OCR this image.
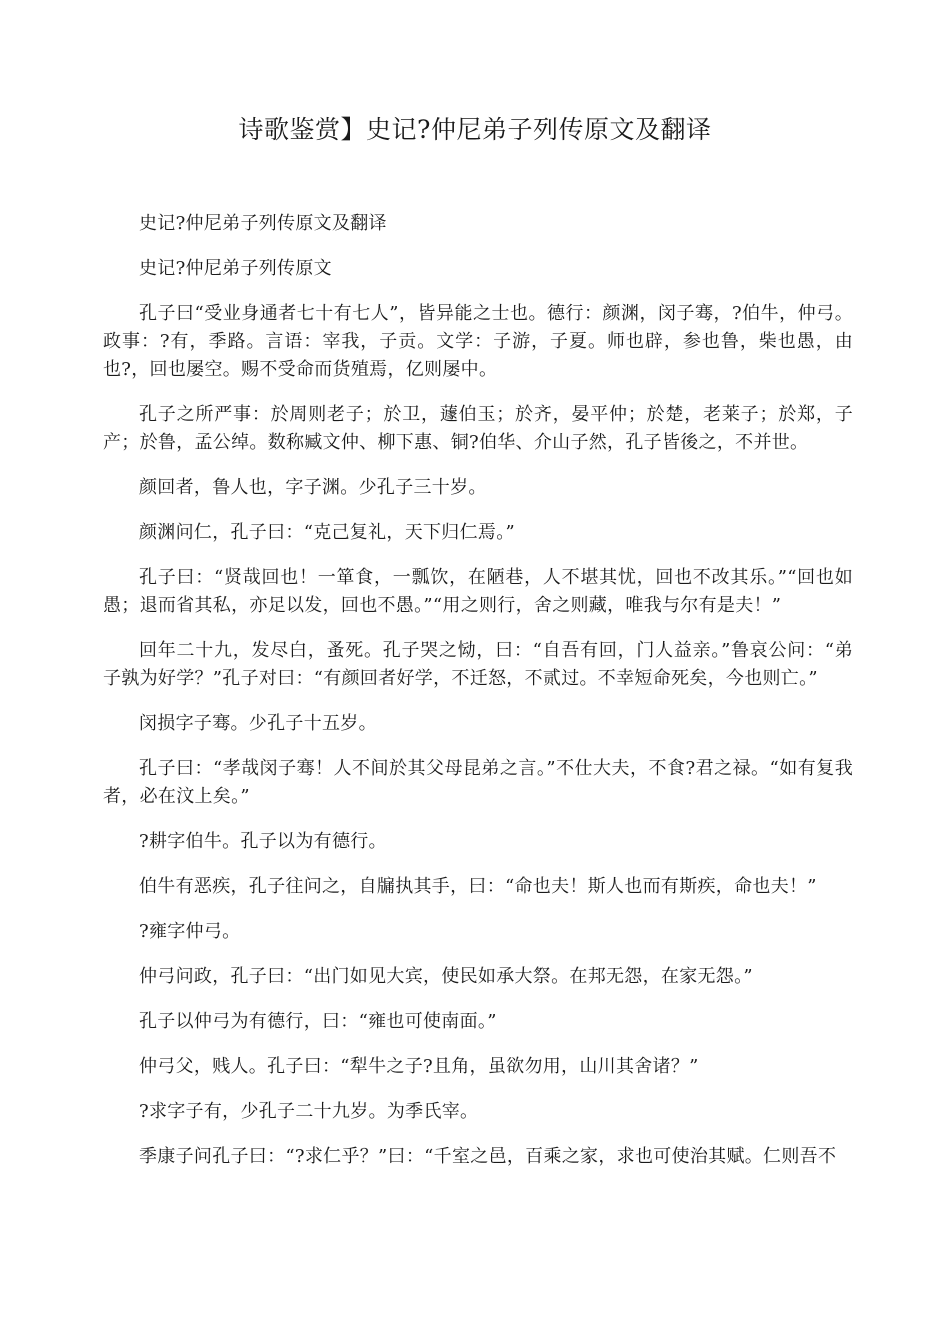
诗歌鉴赏】史记?仲尼弟子列传原文及翻译

史记?仲尼弟子列传原文及翻译

史记?仲尼弟子列传原文

孔子曰“受业身通者七十有七人”，皆异能之士也。德行：颜渊，闵子骞，?伯牛，仲弓。政事：?有，季路。言语：宰我，子贡。文学：子游，子夏。师也辟，参也鲁，柴也愚，由也?，回也屡空。赐不受命而货殖焉，亿则屡中。

孔子之所严事：於周则老子；於卫，蘧伯玉；於齐，晏平仲；於楚，老莱子；於郑，子产；於鲁，孟公绰。数称臧文仲、柳下惠、铜?伯华、介山子然，孔子皆後之，不并世。

颜回者，鲁人也，字子渊。少孔子三十岁。

颜渊问仁，孔子曰：“克己复礼，天下归仁焉。”

孔子曰：“贤哉回也！一箪食，一瓢饮，在陋巷，人不堪其忧，回也不改其乐。”“回也如愚；退而省其私，亦足以发，回也不愚。”“用之则行，舍之则藏，唯我与尔有是夫！”

回年二十九，发尽白，蚤死。孔子哭之恸，曰：“自吾有回，门人益亲。”鲁哀公问：“弟子孰为好学？”孔子对曰：“有颜回者好学，不迁怒，不贰过。不幸短命死矣，今也则亡。”

闵损字子骞。少孔子十五岁。

孔子曰：“孝哉闵子骞！人不间於其父母昆弟之言。”不仕大夫，不食?君之禄。“如有复我者，必在汶上矣。”

?耕字伯牛。孔子以为有德行。

伯牛有恶疾，孔子往问之，自牖执其手，曰：“命也夫！斯人也而有斯疾，命也夫！”

?雍字仲弓。

仲弓问政，孔子曰：“出门如见大宾，使民如承大祭。在邦无怨，在家无怨。”

孔子以仲弓为有德行，曰：“雍也可使南面。”

仲弓父，贱人。孔子曰：“犁牛之子?且角，虽欲勿用，山川其舍诸？”

?求字子有，少孔子二十九岁。为季氏宰。

季康子问孔子曰：“?求仁乎？”曰：“千室之邑，百乘之家，求也可使治其赋。仁则吾不
